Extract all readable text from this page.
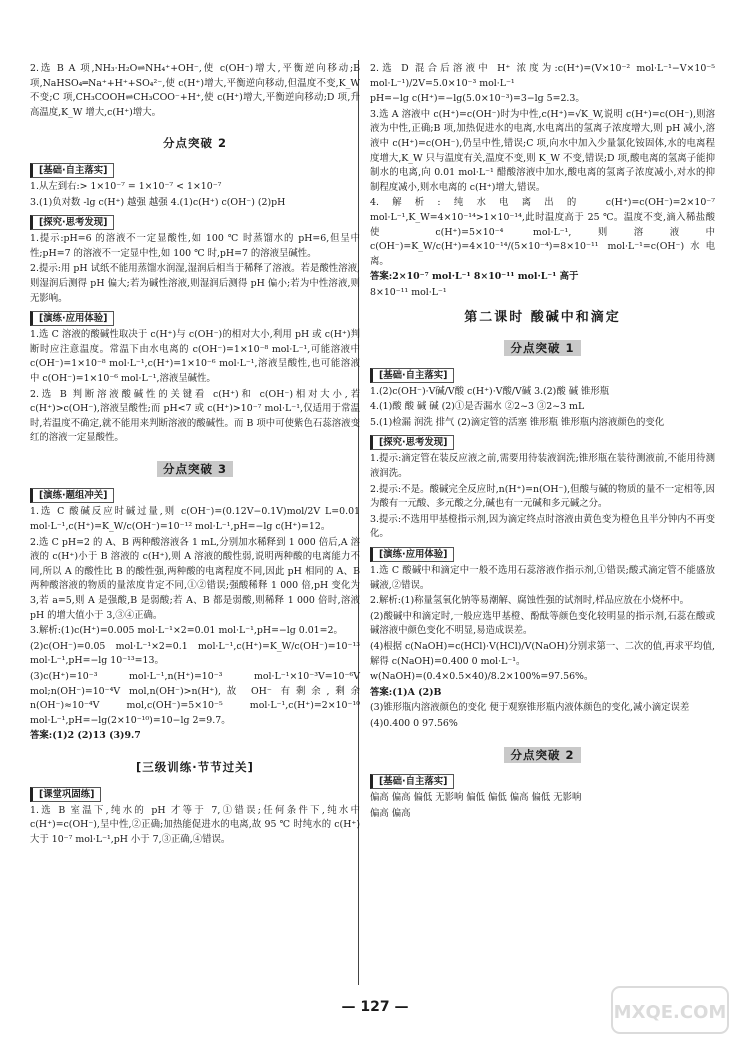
2.选 B A 项,NH₃·H₂O⇌NH₄⁺+OH⁻,使 c(OH⁻)增大,平衡逆向移动;B 项,NaHSO₄═Na⁺+H⁺+SO₄²⁻,使 c(H⁺)增大,平衡逆向移动,但温度不变,K_W 不变;C 项,CH₃COOH⇌CH₃COO⁻+H⁺,使 c(H⁺)增大,平衡逆向移动;D 项,升高温度,K_W 增大,c(H⁺)增大。

分点突破 2
[基础·自主落实]

1.从左到右:> 1×10⁻⁷ = 1×10⁻⁷ < 1×10⁻⁷

3.(1)负对数 -lg c(H⁺) 越强 越强 4.(1)c(H⁺) c(OH⁻) (2)pH

[探究·思考发现]

1.提示:pH=6 的溶液不一定显酸性,如 100 ℃ 时蒸馏水的 pH=6,但呈中性;pH=7 的溶液不一定显中性,如 100 ℃ 时,pH=7 的溶液呈碱性。

2.提示:用 pH 试纸不能用蒸馏水润湿,湿润后相当于稀释了溶液。若是酸性溶液,则湿润后测得 pH 偏大;若为碱性溶液,则湿润后测得 pH 偏小;若为中性溶液,则无影响。

[演练·应用体验]

1.选 C 溶液的酸碱性取决于 c(H⁺)与 c(OH⁻)的相对大小,利用 pH 或 c(H⁺)判断时应注意温度。常温下由水电离的 c(OH⁻)=1×10⁻⁸ mol·L⁻¹,可能溶液中 c(OH⁻)=1×10⁻⁸ mol·L⁻¹,c(H⁺)=1×10⁻⁶ mol·L⁻¹,溶液呈酸性,也可能溶液中 c(OH⁻)=1×10⁻⁶ mol·L⁻¹,溶液呈碱性。

2.选 B 判断溶液酸碱性的关键看 c(H⁺)和 c(OH⁻)相对大小,若 c(H⁺)>c(OH⁻),溶液呈酸性;而 pH<7 或 c(H⁺)>10⁻⁷ mol·L⁻¹,仅适用于常温时,若温度不确定,就不能用来判断溶液的酸碱性。而 B 项中可使紫色石蕊溶液变红的溶液一定显酸性。

分点突破 3
[演练·题组冲关]

1.选 C 酸碱反应时碱过量,则 c(OH⁻)=(0.12V−0.1V)mol/2V L=0.01 mol·L⁻¹,c(H⁺)=K_W/c(OH⁻)=10⁻¹² mol·L⁻¹,pH=−lg c(H⁺)=12。

2.选 C pH=2 的 A、B 两种酸溶液各 1 mL,分别加水稀释到 1 000 倍后,A 溶液的 c(H⁺)小于 B 溶液的 c(H⁺),则 A 溶液的酸性弱,说明两种酸的电离能力不同,所以 A 的酸性比 B 的酸性强,两种酸的电离程度不同,因此 pH 相同的 A、B 两种酸溶液的物质的量浓度肯定不同,①②错误;强酸稀释 1 000 倍,pH 变化为 3,若 a=5,则 A 是强酸,B 是弱酸;若 A、B 都是弱酸,则稀释 1 000 倍时,溶液 pH 的增大值小于 3,③④正确。

3.解析:(1)c(H⁺)=0.005 mol·L⁻¹×2=0.01 mol·L⁻¹,pH=−lg 0.01=2。

(2)c(OH⁻)=0.05 mol·L⁻¹×2=0.1 mol·L⁻¹,c(H⁺)=K_W/c(OH⁻)=10⁻¹³ mol·L⁻¹,pH=−lg 10⁻¹³=13。

(3)c(H⁺)=10⁻³ mol·L⁻¹,n(H⁺)=10⁻³ mol·L⁻¹×10⁻³V=10⁻⁶V mol;n(OH⁻)=10⁻⁴V mol,n(OH⁻)>n(H⁺),故 OH⁻ 有剩余,剩余 n(OH⁻)≈10⁻⁴V mol,c(OH⁻)=5×10⁻⁵ mol·L⁻¹,c(H⁺)=2×10⁻¹⁰ mol·L⁻¹,pH=−lg(2×10⁻¹⁰)=10−lg 2=9.7。

答案:(1)2 (2)13 (3)9.7

[三级训练·节节过关]
[课堂巩固练]

1.选 B 室温下,纯水的 pH 才等于 7,①错误;任何条件下,纯水中 c(H⁺)=c(OH⁻),呈中性,②正确;加热能促进水的电离,故 95 ℃ 时纯水的 c(H⁺)大于 10⁻⁷ mol·L⁻¹,pH 小于 7,③正确,④错误。

2.选 D 混合后溶液中 H⁺ 浓度为:c(H⁺)=(V×10⁻² mol·L⁻¹−V×10⁻⁵ mol·L⁻¹)/2V=5.0×10⁻³ mol·L⁻¹

pH=−lg c(H⁺)=−lg(5.0×10⁻³)=3−lg 5=2.3。

3.选 A 溶液中 c(H⁺)=c(OH⁻)时为中性,c(H⁺)=√K_W,说明 c(H⁺)=c(OH⁻),则溶液为中性,正确;B 项,加热促进水的电离,水电离出的氢离子浓度增大,则 pH 减小,溶液中 c(H⁺)=c(OH⁻),仍呈中性,错误;C 项,向水中加入少量氯化铵固体,水的电离程度增大,K_W 只与温度有关,温度不变,则 K_W 不变,错误;D 项,酸电离的氢离子能抑制水的电离,向 0.01 mol·L⁻¹ 醋酸溶液中加水,酸电离的氢离子浓度减小,对水的抑制程度减小,则水电离的 c(H⁺)增大,错误。

4.解析:纯水电离出的 c(H⁺)=c(OH⁻)=2×10⁻⁷ mol·L⁻¹,K_W=4×10⁻¹⁴>1×10⁻¹⁴,此时温度高于 25 ℃。温度不变,滴入稀盐酸使 c(H⁺)=5×10⁻⁴ mol·L⁻¹,则溶液中 c(OH⁻)=K_W/c(H⁺)=4×10⁻¹⁴/(5×10⁻⁴)=8×10⁻¹¹ mol·L⁻¹=c(OH⁻)水电离。

答案:2×10⁻⁷ mol·L⁻¹ 8×10⁻¹¹ mol·L⁻¹ 高于

8×10⁻¹¹ mol·L⁻¹

第二课时 酸碱中和滴定
分点突破 1
[基础·自主落实]

1.(2)c(OH⁻)·V碱/V酸 c(H⁺)·V酸/V碱 3.(2)酸 碱 锥形瓶

4.(1)酸 酸 碱 碱 (2)①是否漏水 ②2~3 ③2~3 mL

5.(1)检漏 润洗 排气 (2)滴定管的活塞 锥形瓶 锥形瓶内溶液颜色的变化

[探究·思考发现]

1.提示:滴定管在装反应液之前,需要用待装液润洗;锥形瓶在装待测液前,不能用待测液润洗。

2.提示:不是。酸碱完全反应时,n(H⁺)=n(OH⁻),但酸与碱的物质的量不一定相等,因为酸有一元酸、多元酸之分,碱也有一元碱和多元碱之分。

3.提示:不选用甲基橙指示剂,因为滴定终点时溶液由黄色变为橙色且半分钟内不再变化。

[演练·应用体验]

1.选 C 酸碱中和滴定中一般不选用石蕊溶液作指示剂,①错误;酸式滴定管不能盛放碱液,②错误。

2.解析:(1)称量氢氧化钠等易潮解、腐蚀性强的试剂时,样品应放在小烧杯中。

(2)酸碱中和滴定时,一般应选甲基橙、酚酞等颜色变化较明显的指示剂,石蕊在酸或碱溶液中颜色变化不明显,易造成误差。

(4)根据 c(NaOH)=c(HCl)·V(HCl)/V(NaOH)分别求第一、二次的值,再求平均值,解得 c(NaOH)=0.400 0 mol·L⁻¹。

w(NaOH)=(0.4×0.5×40)/8.2×100%=97.56%。

答案:(1)A (2)B

(3)锥形瓶内溶液颜色的变化 便于观察锥形瓶内液体颜色的变化,减小滴定误差

(4)0.400 0 97.56%

分点突破 2
[基础·自主落实]

偏高 偏高 偏低 无影响 偏低 偏低 偏高 偏低 无影响

偏高 偏高

— 127 —	MXQE.COM
